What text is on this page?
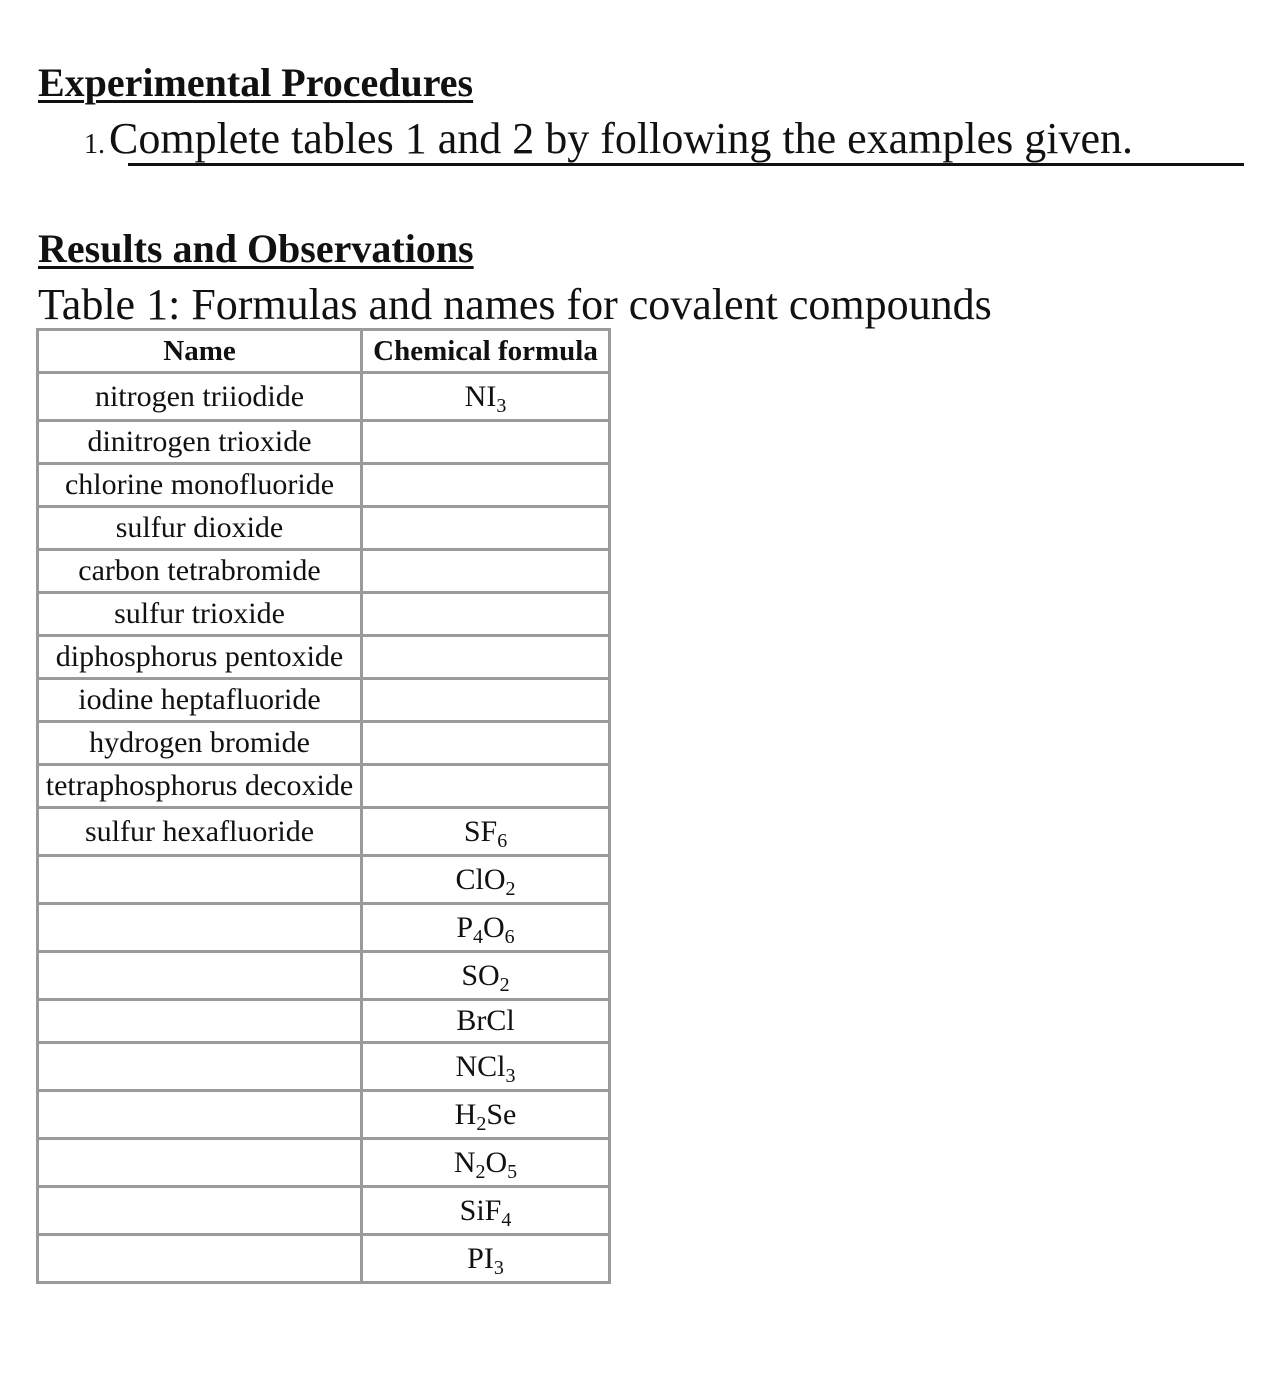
Experimental Procedures
1.Complete tables 1 and 2 by following the examples given.
Results and Observations
Table 1: Formulas and names for covalent compounds
Name	Chemical formula
nitrogen triiodide	$NI_3$
dinitrogen trioxide	
chlorine monofluoride	
sulfur dioxide	
carbon tetrabromide	
sulfur trioxide	
diphosphorus pentoxide	
iodine heptafluoride	
hydrogen bromide	
tetraphosphorus decoxide	
sulfur hexafluoride	$SF_6$
	ClO$_2$
	$P_4O_6$
	$SO_2$
	BrCl
	NCl$_3$
	$H_2Se$
	$N_2O_5$
	SiF$_4$
	$PI_3$
